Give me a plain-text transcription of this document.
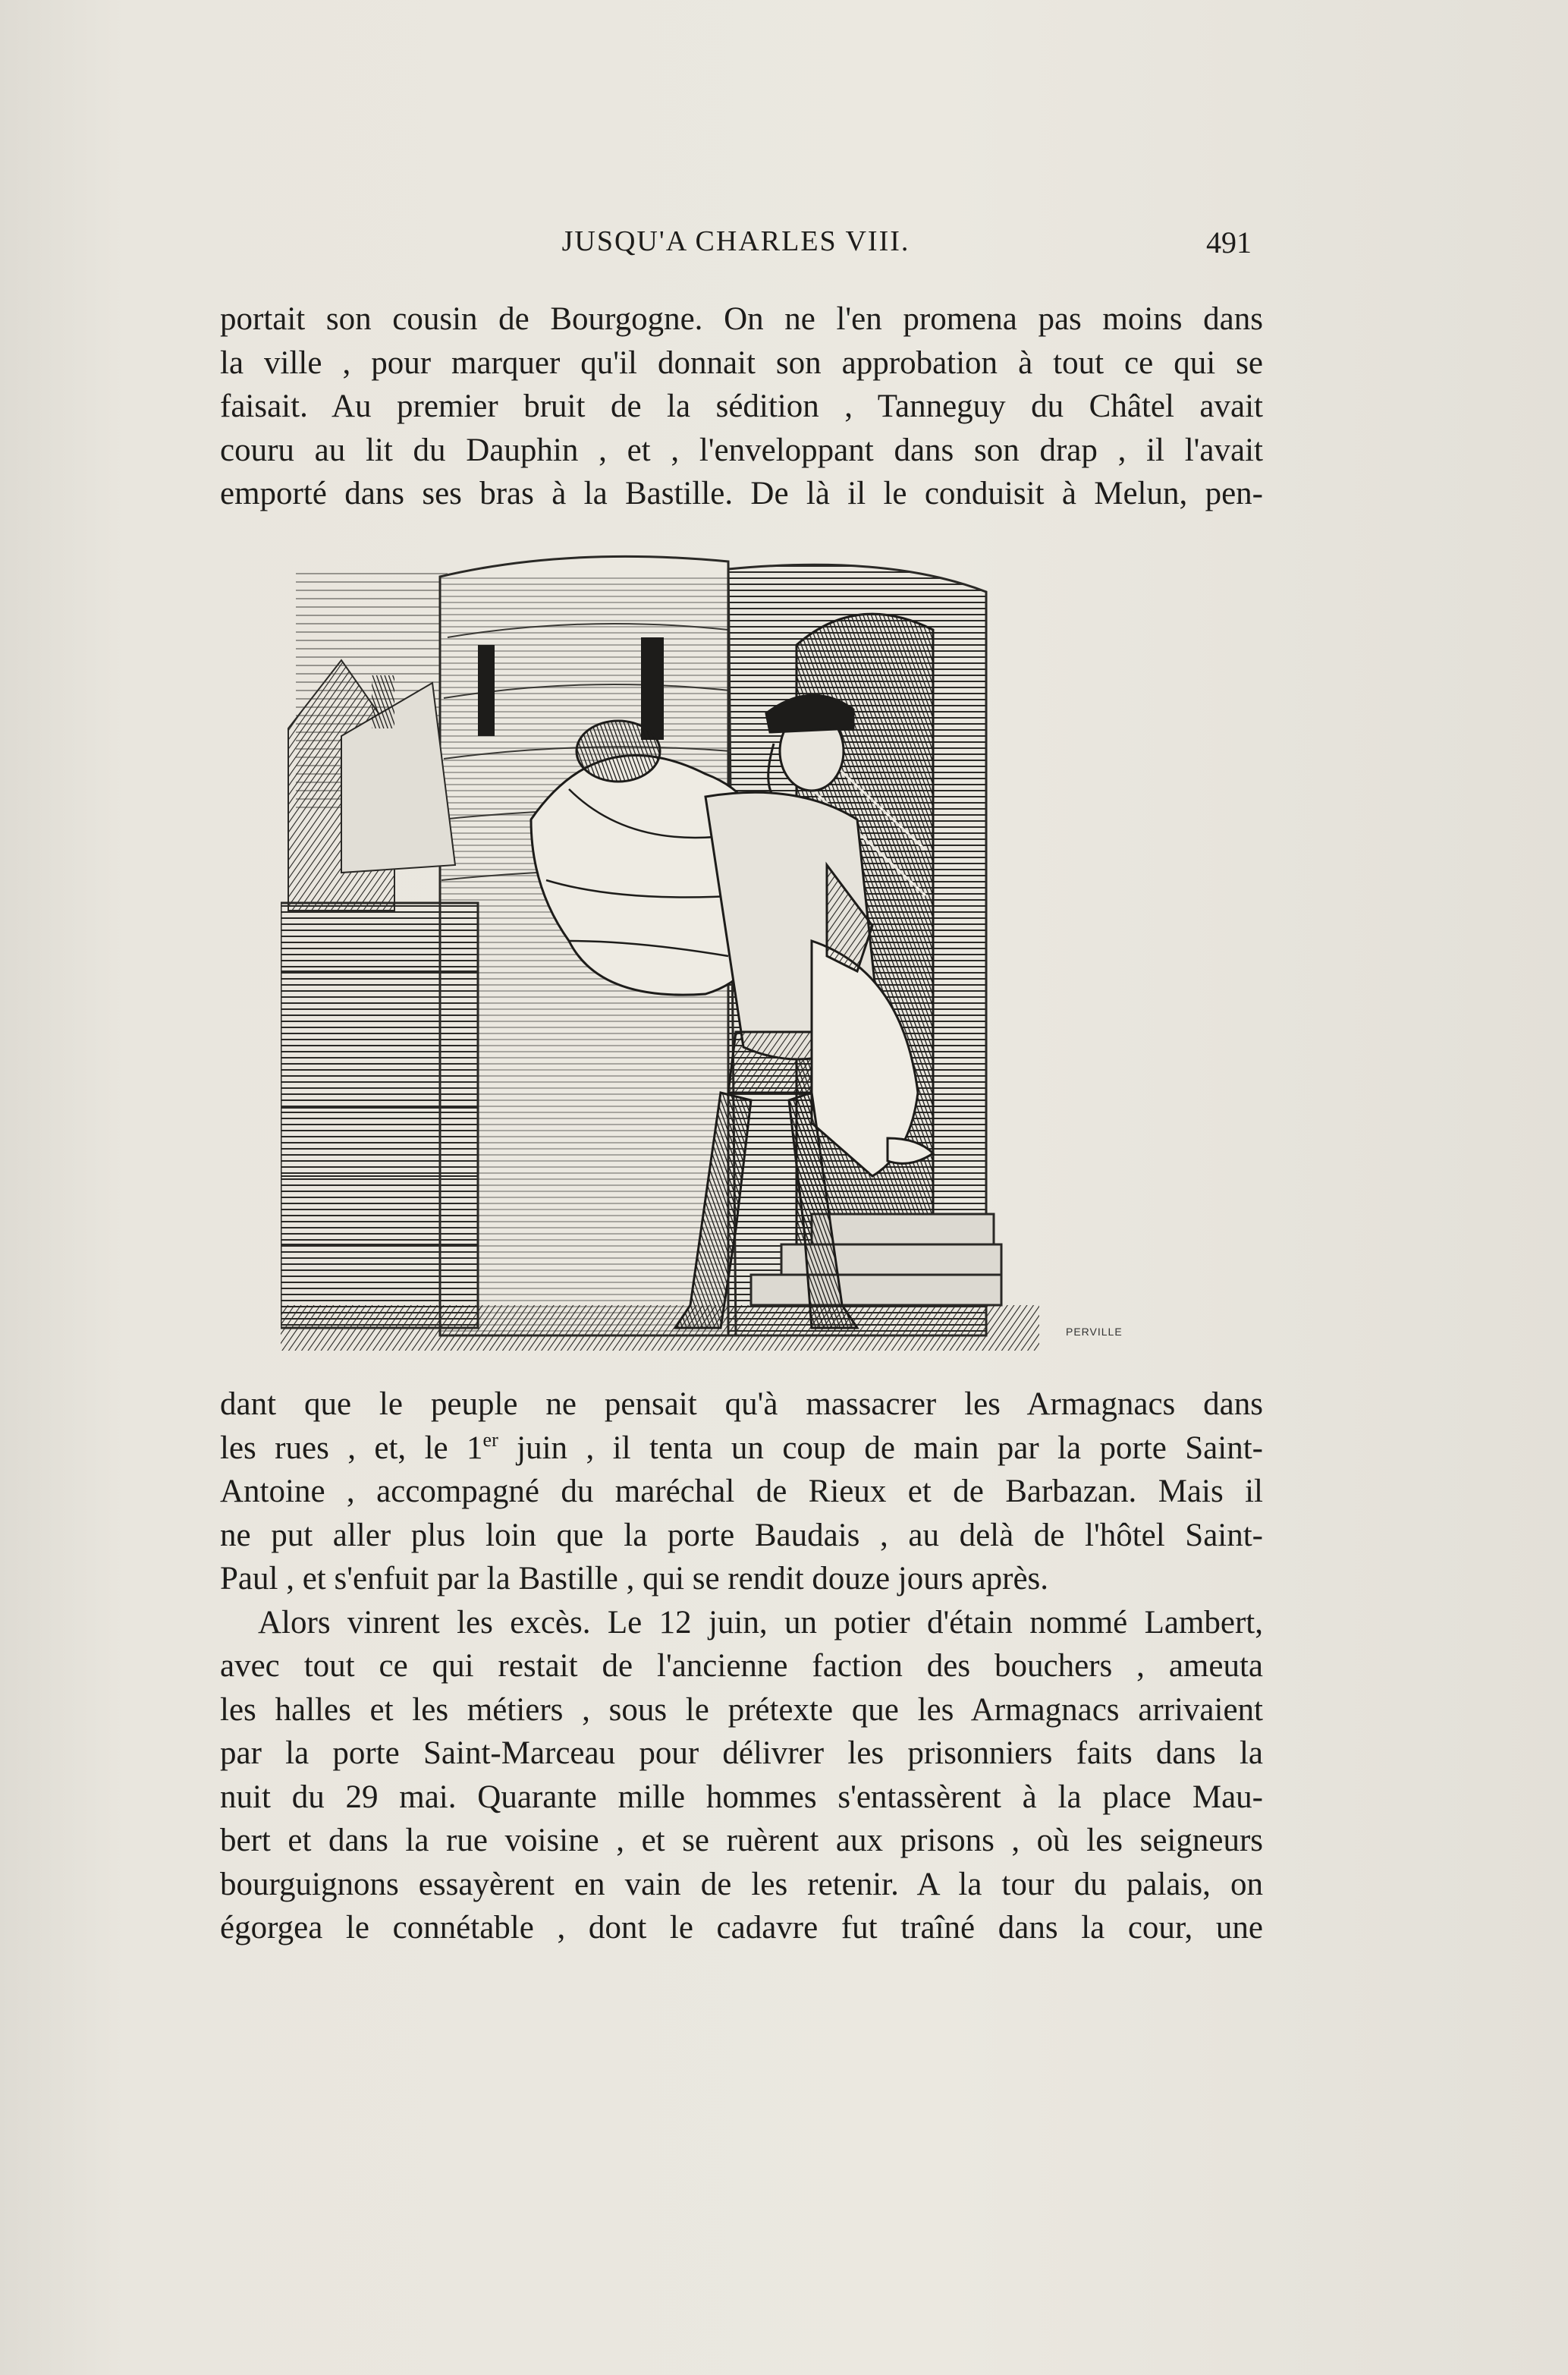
JUSQU'A CHARLES VIII.	491
portait son cousin de Bourgogne. On ne l'en promena pas moins dans
la ville , pour marquer qu'il donnait son approbation à tout ce qui se
faisait. Au premier bruit de la sédition , Tanneguy du Châtel avait
couru au lit du Dauphin , et , l'enveloppant dans son drap , il l'avait
emporté dans ses bras à la Bastille. De là il le conduisit à Melun, pen-
PERVILLE
dant que le peuple ne pensait qu'à massacrer les Armagnacs dans
les rues , et, le 1er juin , il tenta un coup de main par la porte Saint-
Antoine , accompagné du maréchal de Rieux et de Barbazan. Mais il
ne put aller plus loin que la porte Baudais , au delà de l'hôtel Saint-
Paul , et s'enfuit par la Bastille , qui se rendit douze jours après.
Alors vinrent les excès. Le 12 juin, un potier d'étain nommé Lambert,
avec tout ce qui restait de l'ancienne faction des bouchers , ameuta
les halles et les métiers , sous le prétexte que les Armagnacs arrivaient
par la porte Saint-Marceau pour délivrer les prisonniers faits dans la
nuit du 29 mai. Quarante mille hommes s'entassèrent à la place Mau-
bert et dans la rue voisine , et se ruèrent aux prisons , où les seigneurs
bourguignons essayèrent en vain de les retenir. A la tour du palais, on
égorgea le connétable , dont le cadavre fut traîné dans la cour, une
